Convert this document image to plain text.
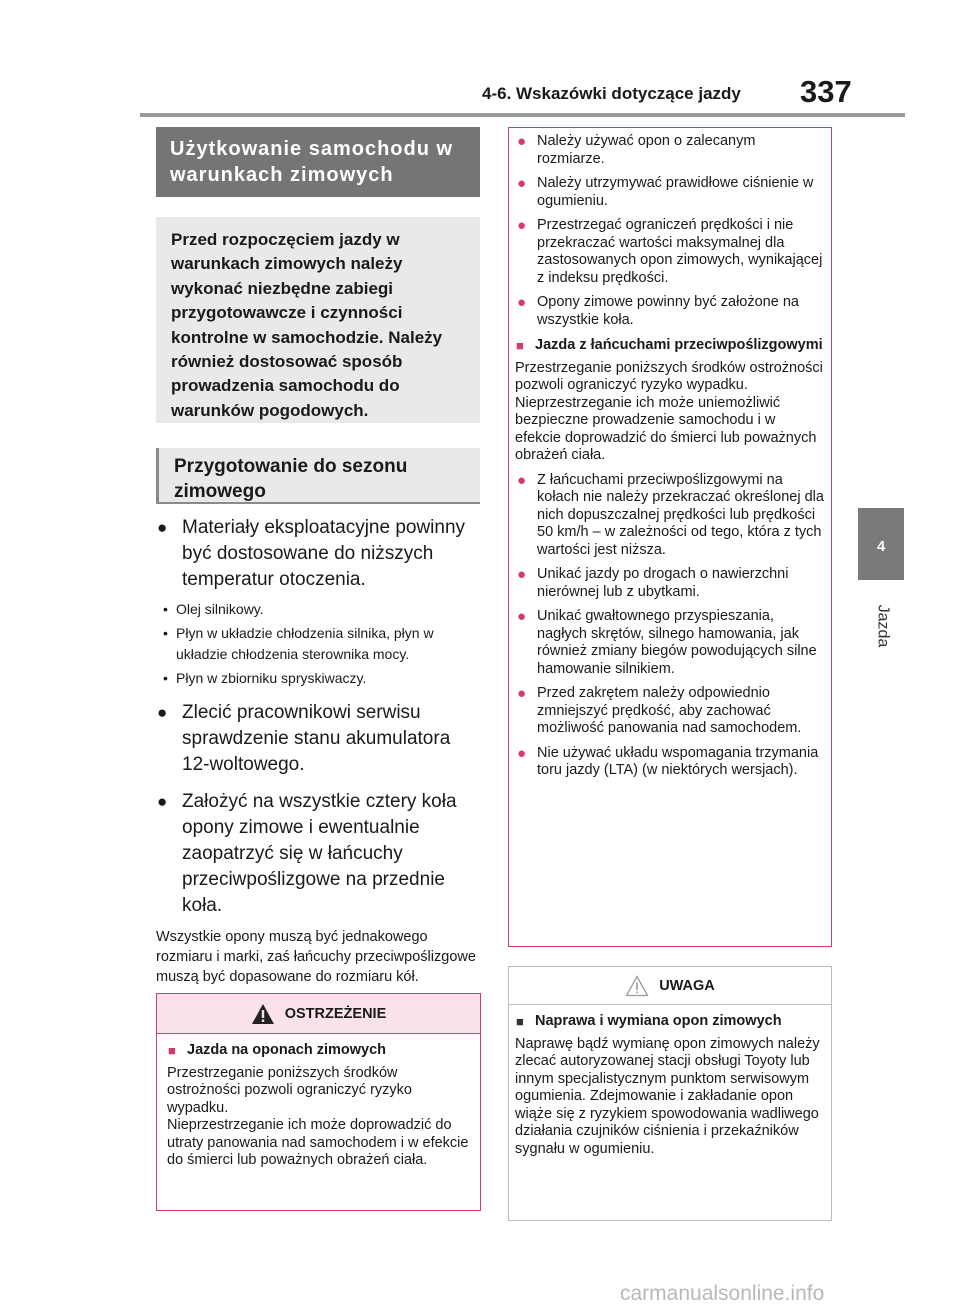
4-6. Wskazówki dotyczące jazdy 337
4
Jazda
Użytkowanie samochodu w warunkach zimowych
Przed rozpoczęciem jazdy w warunkach zimowych należy wykonać niezbędne zabiegi przygotowawcze i czynności kontrolne w samochodzie. Należy również dostosować sposób prowadzenia samochodu do warunków pogodowych.
Przygotowanie do sezonu zimowego
● Materiały eksploatacyjne powinny być dostosowane do niższych temperatur otoczenia.
• Olej silnikowy.
• Płyn w układzie chłodzenia silnika, płyn w układzie chłodzenia sterownika mocy.
• Płyn w zbiorniku spryskiwaczy.
● Zlecić pracownikowi serwisu sprawdzenie stanu akumulatora 12-woltowego.
● Założyć na wszystkie cztery koła opony zimowe i ewentualnie zaopatrzyć się w łańcuchy przeciwpoślizgowe na przednie koła.
Wszystkie opony muszą być jednakowego rozmiaru i marki, zaś łańcuchy przeciwpoślizgowe muszą być dopasowane do rozmiaru kół.
OSTRZEŻENIE
■ Jazda na oponach zimowych
Przestrzeganie poniższych środków ostrożności pozwoli ograniczyć ryzyko wypadku.
Nieprzestrzeganie ich może doprowadzić do utraty panowania nad samochodem i w efekcie do śmierci lub poważnych obrażeń ciała.
● Należy używać opon o zalecanym rozmiarze.
● Należy utrzymywać prawidłowe ciśnienie w ogumieniu.
● Przestrzegać ograniczeń prędkości i nie przekraczać wartości maksymalnej dla zastosowanych opon zimowych, wynikającej z indeksu prędkości.
● Opony zimowe powinny być założone na wszystkie koła.
■ Jazda z łańcuchami przeciwpoślizgowymi
Przestrzeganie poniższych środków ostrożności pozwoli ograniczyć ryzyko wypadku.
Nieprzestrzeganie ich może uniemożliwić bezpieczne prowadzenie samochodu i w efekcie doprowadzić do śmierci lub poważnych obrażeń ciała.
● Z łańcuchami przeciwpoślizgowymi na kołach nie należy przekraczać określonej dla nich dopuszczalnej prędkości lub prędkości 50 km/h – w zależności od tego, która z tych wartości jest niższa.
● Unikać jazdy po drogach o nawierzchni nierównej lub z ubytkami.
● Unikać gwałtownego przyspieszania, nagłych skrętów, silnego hamowania, jak również zmiany biegów powodujących silne hamowanie silnikiem.
● Przed zakrętem należy odpowiednio zmniejszyć prędkość, aby zachować możliwość panowania nad samochodem.
● Nie używać układu wspomagania trzymania toru jazdy (LTA) (w niektórych wersjach).
UWAGA
■ Naprawa i wymiana opon zimowych
Naprawę bądź wymianę opon zimowych należy zlecać autoryzowanej stacji obsługi Toyoty lub innym specjalistycznym punktom serwisowym ogumienia. Zdejmowanie i zakładanie opon wiąże się z ryzykiem spowodowania wadliwego działania czujników ciśnienia i przekaźników sygnału w ogumieniu.
carmanualsonline.info
